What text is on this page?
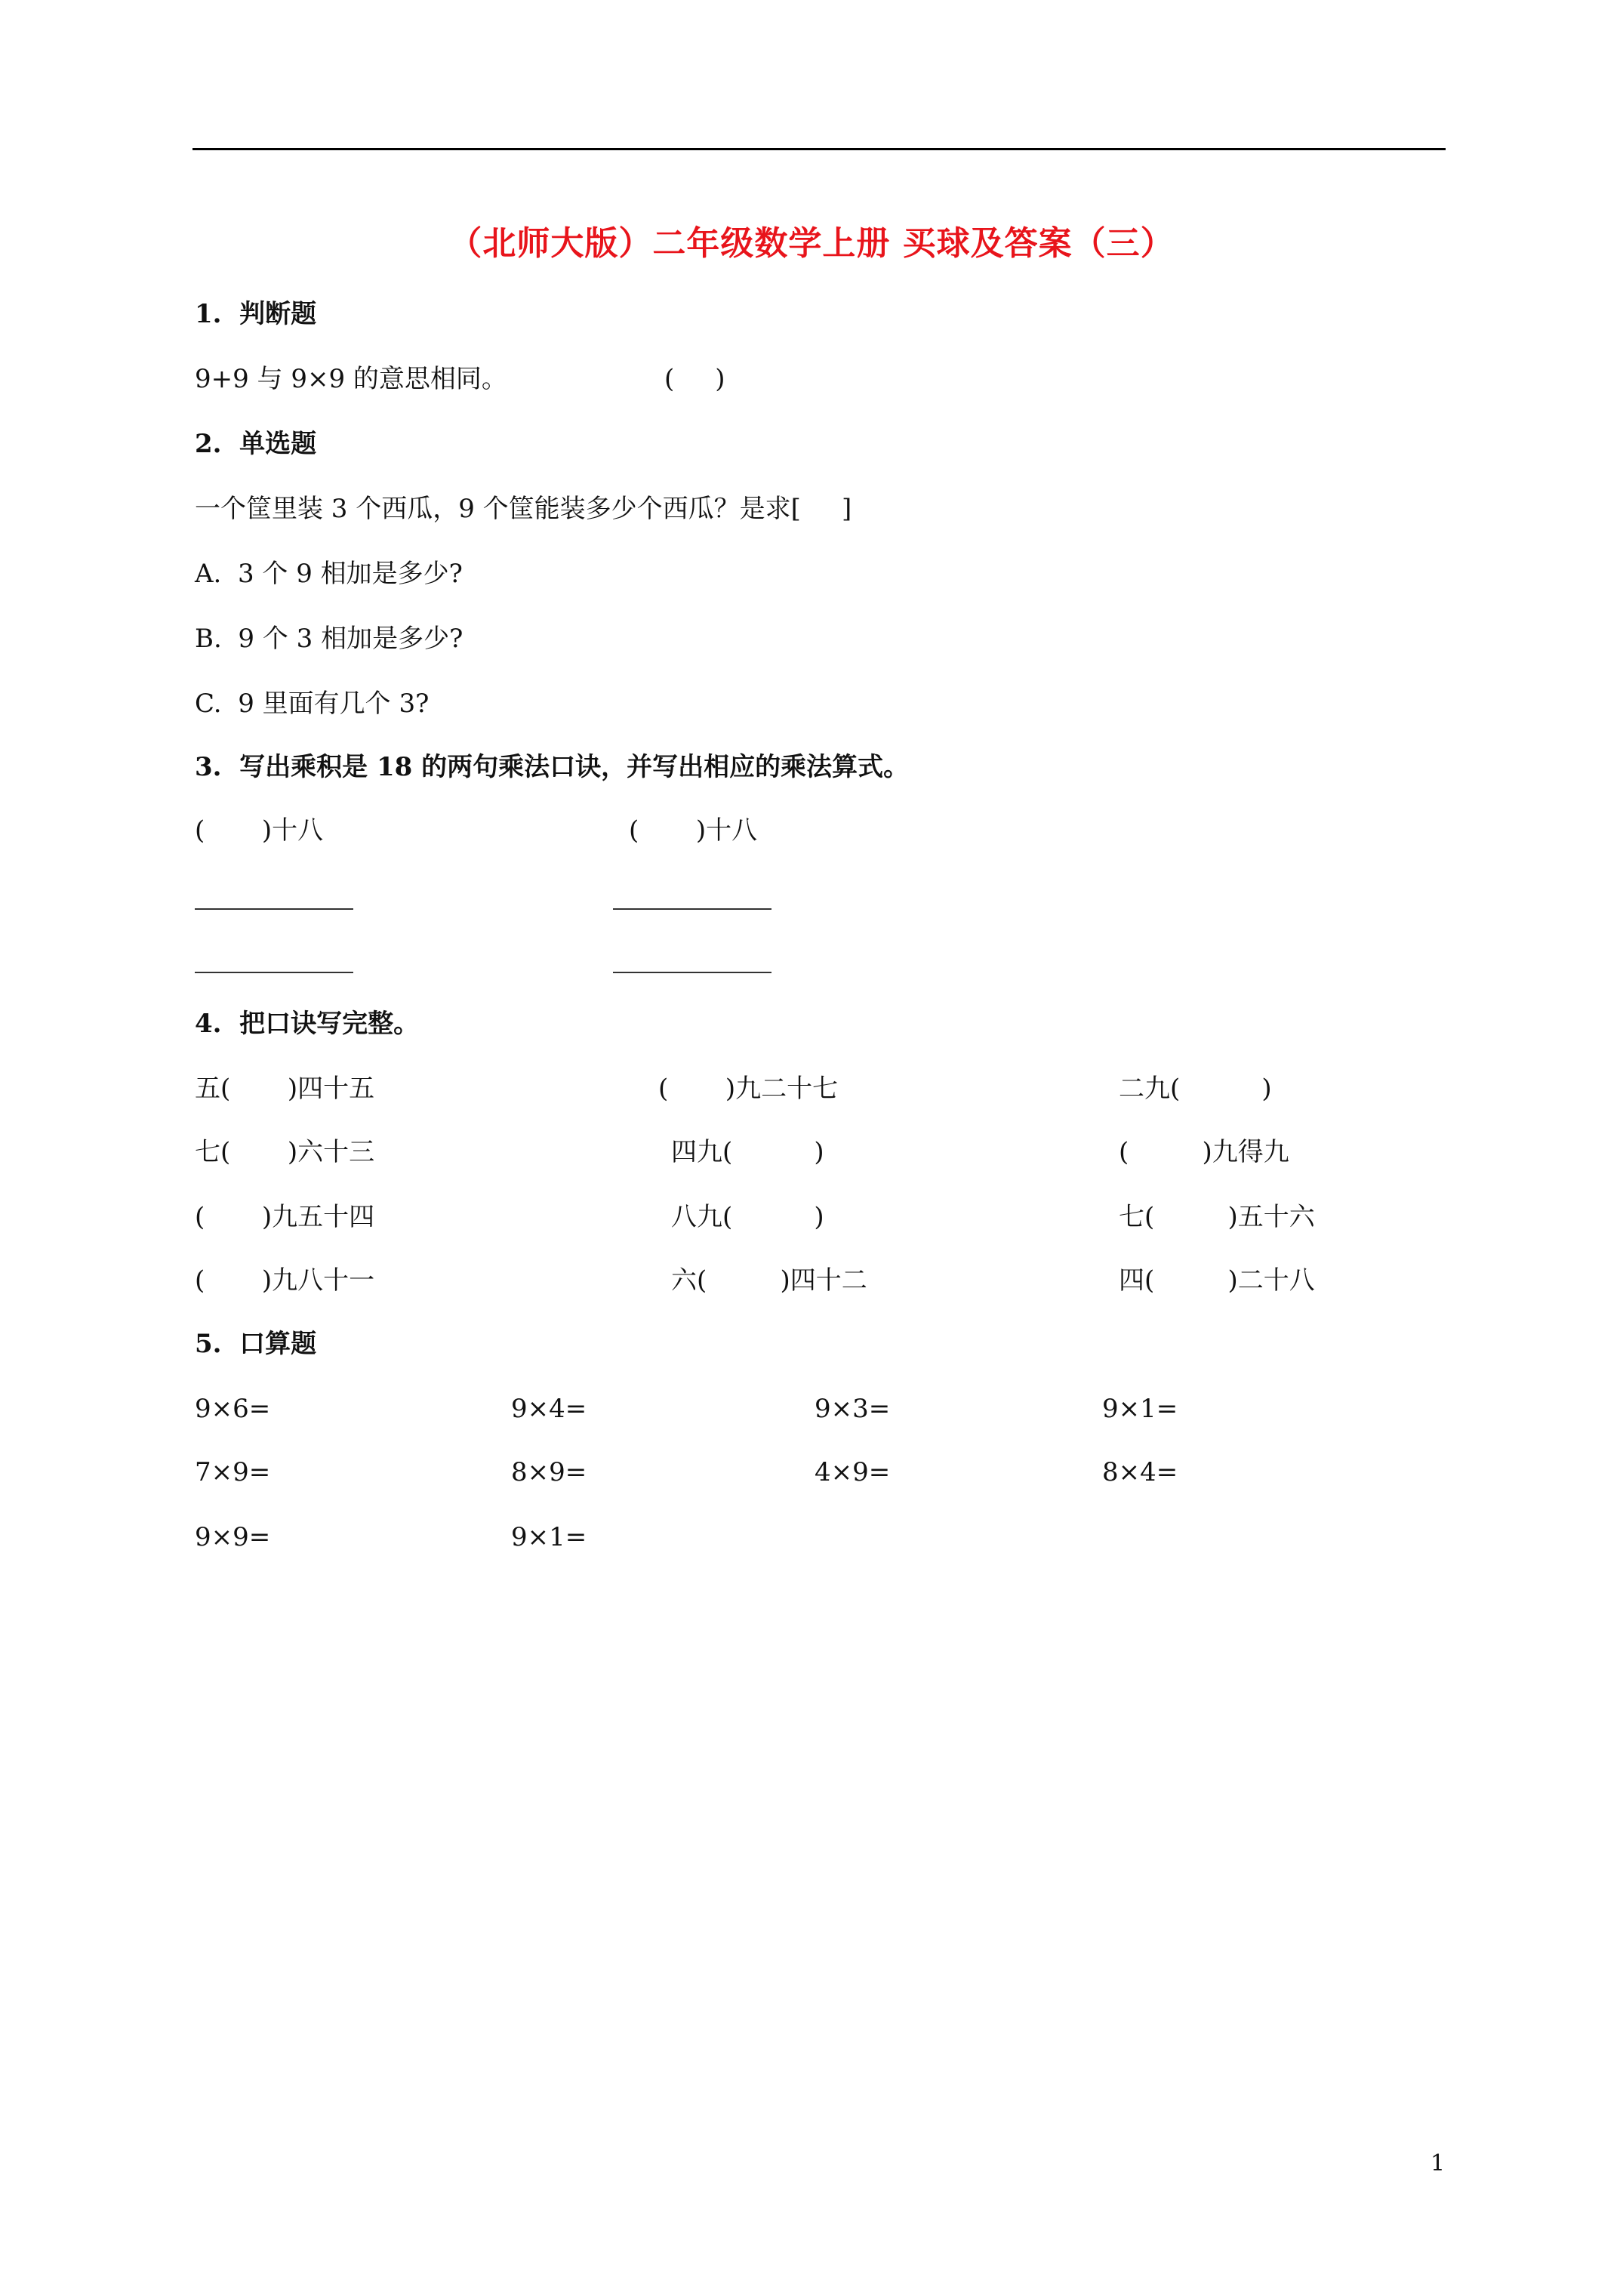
（北师大版）二年级数学上册 买球及答案（三）
1.  判断题
9+9 与 9×9 的意思相同。	(     )
2.  单选题
一个筐里装 3 个西瓜，9 个筐能装多少个西瓜？是求[     ]
A.  3 个 9 相加是多少?
B.  9 个 3 相加是多少?
C.  9 里面有几个 3?
3.  写出乘积是 18 的两句乘法口诀，并写出相应的乘法算式。
(       )十八	(       )十八
4.  把口诀写完整。
五(       )四十五	(       )九二十七	二九(          )
七(       )六十三	四九(          )	(         )九得九
(       )九五十四	八九(          )	七(         )五十六
(       )九八十一	六(         )四十二	四(         )二十八
5.  口算题
9×6=	9×4=	9×3=	9×1=
7×9=	8×9=	4×9=	8×4=
9×9=	9×1=
1
